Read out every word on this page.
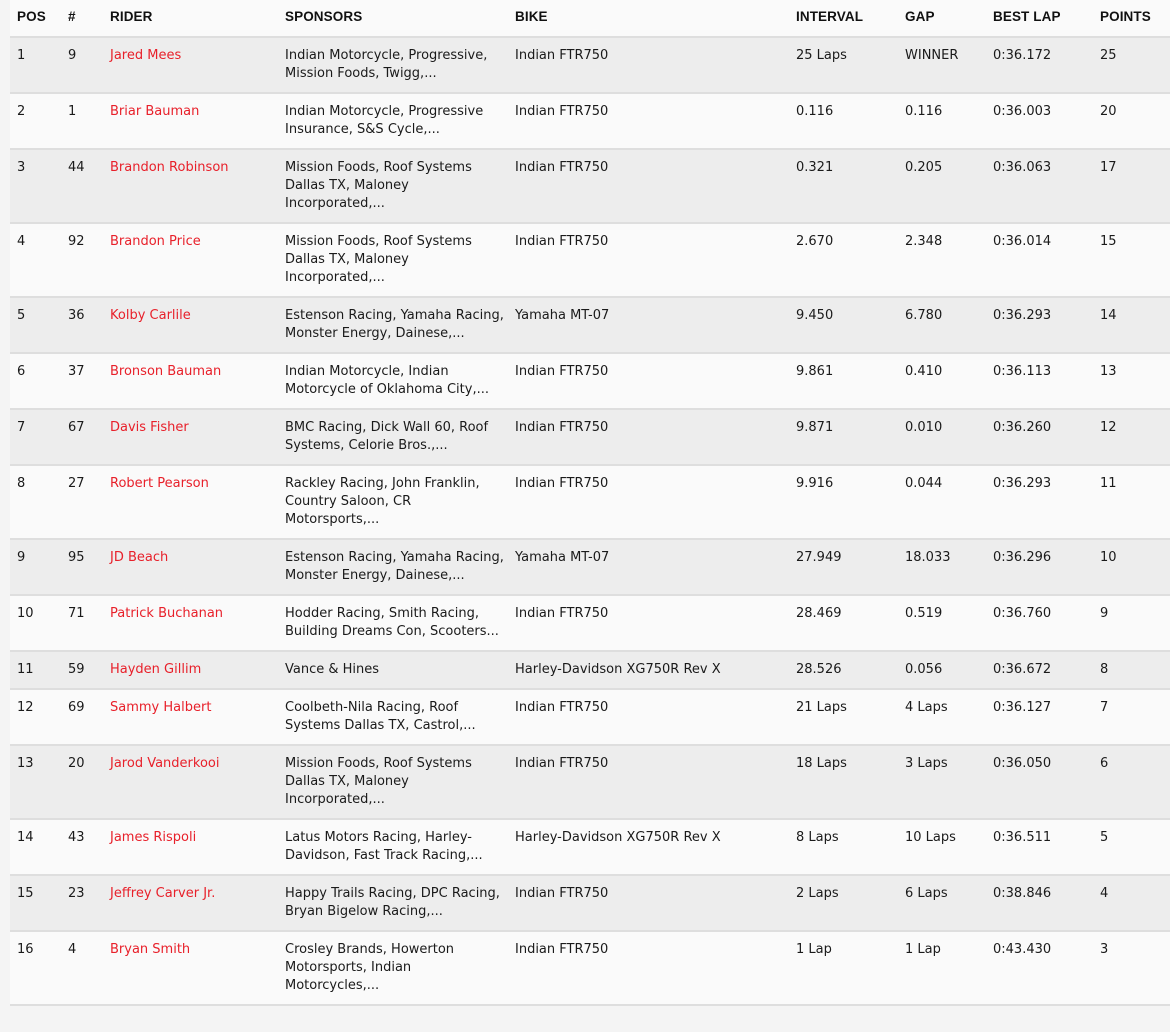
POS	#	RIDER	SPONSORS	BIKE	INTERVAL	GAP	BEST LAP	POINTS
1	9	Jared Mees	Indian Motorcycle, Progressive, Mission Foods, Twigg,...	Indian FTR750	25 Laps	WINNER	0:36.172	25
2	1	Briar Bauman	Indian Motorcycle, Progressive Insurance, S&S Cycle,...	Indian FTR750	0.116	0.116	0:36.003	20
3	44	Brandon Robinson	Mission Foods, Roof Systems Dallas TX, Maloney Incorporated,...	Indian FTR750	0.321	0.205	0:36.063	17
4	92	Brandon Price	Mission Foods, Roof Systems Dallas TX, Maloney Incorporated,...	Indian FTR750	2.670	2.348	0:36.014	15
5	36	Kolby Carlile	Estenson Racing, Yamaha Racing, Monster Energy, Dainese,...	Yamaha MT-07	9.450	6.780	0:36.293	14
6	37	Bronson Bauman	Indian Motorcycle, Indian Motorcycle of Oklahoma City,...	Indian FTR750	9.861	0.410	0:36.113	13
7	67	Davis Fisher	BMC Racing, Dick Wall 60, Roof Systems, Celorie Bros.,...	Indian FTR750	9.871	0.010	0:36.260	12
8	27	Robert Pearson	Rackley Racing, John Franklin, Country Saloon, CR Motorsports,...	Indian FTR750	9.916	0.044	0:36.293	11
9	95	JD Beach	Estenson Racing, Yamaha Racing, Monster Energy, Dainese,...	Yamaha MT-07	27.949	18.033	0:36.296	10
10	71	Patrick Buchanan	Hodder Racing, Smith Racing, Building Dreams Con, Scooters...	Indian FTR750	28.469	0.519	0:36.760	9
11	59	Hayden Gillim	Vance & Hines	Harley-Davidson XG750R Rev X	28.526	0.056	0:36.672	8
12	69	Sammy Halbert	Coolbeth-Nila Racing, Roof Systems Dallas TX, Castrol,...	Indian FTR750	21 Laps	4 Laps	0:36.127	7
13	20	Jarod Vanderkooi	Mission Foods, Roof Systems Dallas TX, Maloney Incorporated,...	Indian FTR750	18 Laps	3 Laps	0:36.050	6
14	43	James Rispoli	Latus Motors Racing, Harley-Davidson, Fast Track Racing,...	Harley-Davidson XG750R Rev X	8 Laps	10 Laps	0:36.511	5
15	23	Jeffrey Carver Jr.	Happy Trails Racing, DPC Racing, Bryan Bigelow Racing,...	Indian FTR750	2 Laps	6 Laps	0:38.846	4
16	4	Bryan Smith	Crosley Brands, Howerton Motorsports, Indian Motorcycles,...	Indian FTR750	1 Lap	1 Lap	0:43.430	3
